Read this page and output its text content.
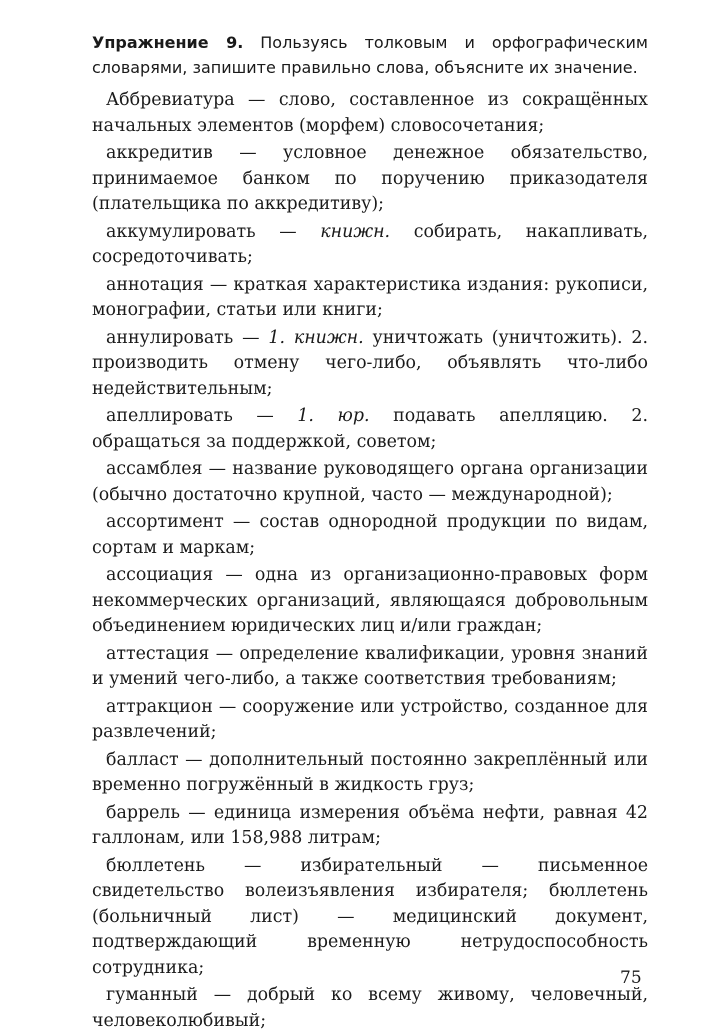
Упражнение 9. Пользуясь толковым и орфографическим словарями, запишите правильно слова, объясните их значение.

Аббревиатура — слово, составленное из сокращённых начальных элементов (морфем) словосочетания;

аккредитив — условное денежное обязательство, принимаемое банком по поручению приказодателя (плательщика по аккредитиву);

аккумулировать — книжн. собирать, накапливать, сосредоточивать;

аннотация — краткая характеристика издания: рукописи, монографии, статьи или книги;

аннулировать — 1. книжн. уничтожать (уничтожить). 2. производить отмену чего-либо, объявлять что-либо недействительным;

апеллировать — 1. юр. подавать апелляцию. 2. обращаться за поддержкой, советом;

ассамблея — название руководящего органа организации (обычно достаточно крупной, часто — международной);

ассортимент — состав однородной продукции по видам, сортам и маркам;

ассоциация — одна из организационно-правовых форм некоммерческих организаций, являющаяся добровольным объединением юридических лиц и/или граждан;

аттестация — определение квалификации, уровня знаний и умений чего-либо, а также соответствия требованиям;

аттракцион — сооружение или устройство, созданное для развлечений;

балласт — дополнительный постоянно закреплённый или временно погружённый в жидкость груз;

баррель — единица измерения объёма нефти, равная 42 галлонам, или 158,988 литрам;

бюллетень — избирательный — письменное свидетельство волеизъявления избирателя; бюллетень (больничный лист) — медицинский документ, подтверждающий временную нетрудоспособность сотрудника;

гуманный — добрый ко всему живому, человечный, человеколюбивый;

75
